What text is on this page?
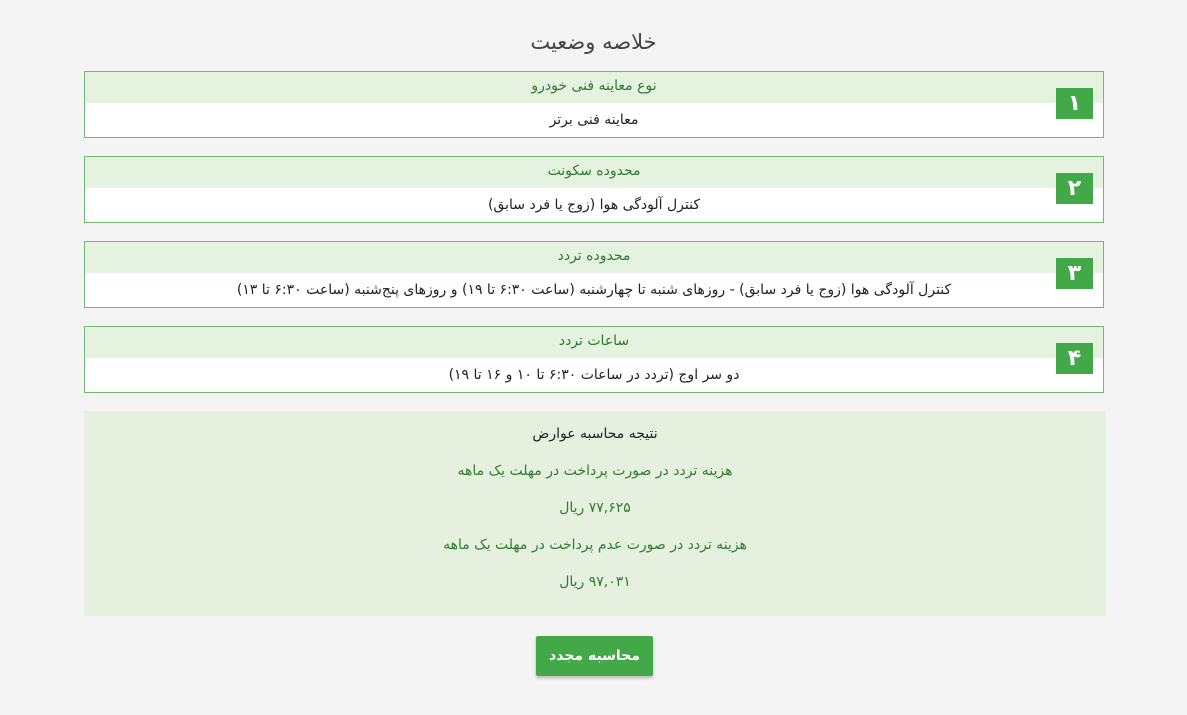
خلاصه وضعیت
نوع معاینه فنی خودرو
معاینه فنی برتر
۱
محدوده سکونت
کنترل آلودگی هوا (زوج یا فرد سابق)
۲
محدوده تردد
کنترل آلودگی هوا (زوج یا فرد سابق) - روزهای شنبه تا چهارشنبه (ساعت ۶:۳۰ تا ۱۹) و روزهای پنج‌شنبه (ساعت ۶:۳۰ تا ۱۳)
۳
ساعات تردد
دو سر اوج (تردد در ساعات ۶:۳۰ تا ۱۰ و ۱۶ تا ۱۹)
۴
نتیجه محاسبه عوارض
هزینه تردد در صورت پرداخت در مهلت یک ماهه
۷۷,۶۲۵ ریال
هزینه تردد در صورت عدم پرداخت در مهلت یک ماهه
۹۷,۰۳۱ ریال
محاسبه مجدد
